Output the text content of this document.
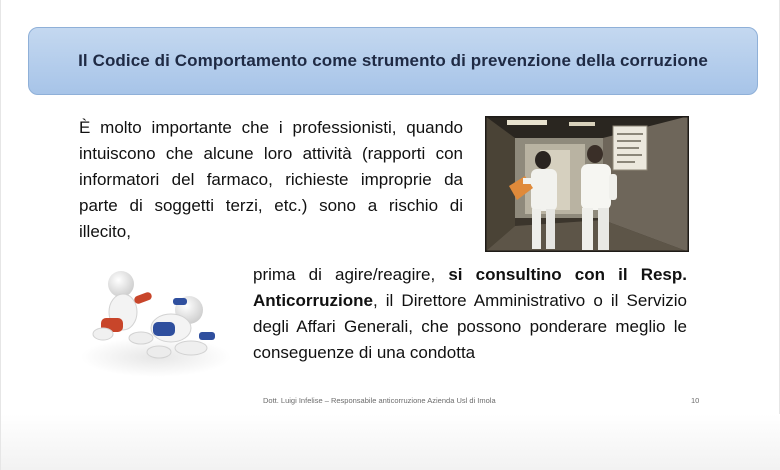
Il Codice di Comportamento come strumento di prevenzione della corruzione
È molto importante che i professionisti, quando intuiscono che alcune loro attività (rapporti con informatori del farmaco, richieste improprie da parte di soggetti terzi, etc.) sono a rischio di illecito,
prima di agire/reagire, si consultino con il Resp. Anticorruzione, il Direttore Amministrativo o il Servizio degli Affari Generali, che possono ponderare meglio le conseguenze di una condotta
Dott. Luigi Infelise – Responsabile anticorruzione Azienda Usl di Imola	10
